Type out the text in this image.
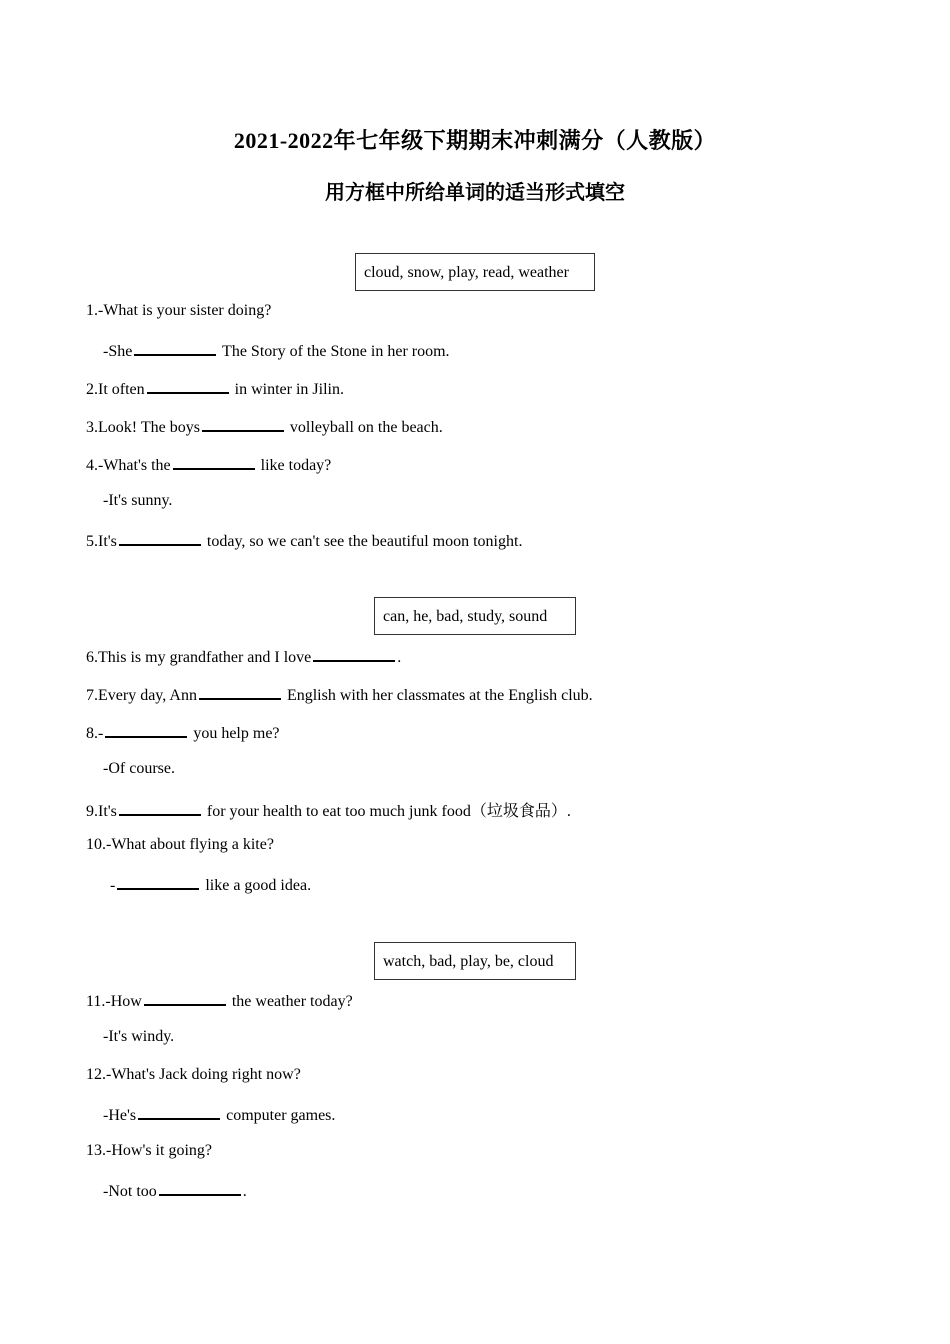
2021-2022年七年级下期期末冲刺满分（人教版）
用方框中所给单词的适当形式填空
cloud, snow, play, read, weather
1.-What is your sister doing?
-She	The Story of the Stone in her room.
2.It often	in winter in Jilin.
3.Look! The boys	volleyball on the beach.
4.-What's the	like today?
-It's sunny.
5.It's	today, so we can't see the beautiful moon tonight.
can, he, bad, study, sound
6.This is my grandfather and I love	.
7.Every day, Ann	English with her classmates at the English club.
8.-	you help me?
-Of course.
9.It's	for your health to eat too much junk food（垃圾食品）.
10.-What about flying a kite?
-	like a good idea.
watch, bad, play, be, cloud
11.-How	the weather today?
-It's windy.
12.-What's Jack doing right now?
-He's	computer games.
13.-How's it going?
-Not too	.
